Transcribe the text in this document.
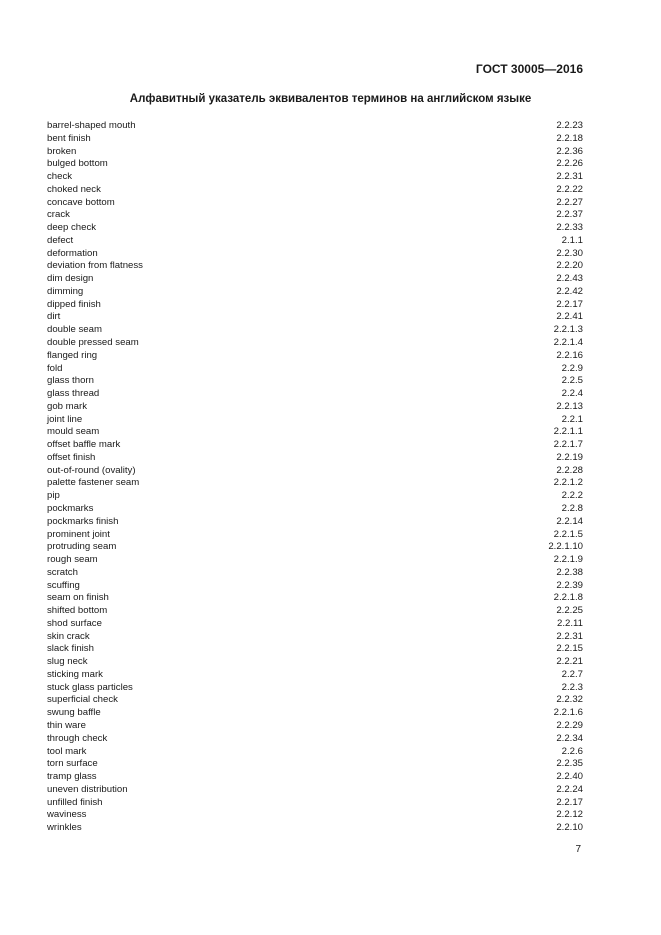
ГОСТ 30005—2016
Алфавитный указатель эквивалентов терминов на английском языке
barrel-shaped mouth	2.2.23
bent finish	2.2.18
broken	2.2.36
bulged bottom	2.2.26
check	2.2.31
choked neck	2.2.22
concave bottom	2.2.27
crack	2.2.37
deep check	2.2.33
defect	2.1.1
deformation	2.2.30
deviation from flatness	2.2.20
dim design	2.2.43
dimming	2.2.42
dipped finish	2.2.17
dirt	2.2.41
double seam	2.2.1.3
double pressed seam	2.2.1.4
flanged ring	2.2.16
fold	2.2.9
glass thorn	2.2.5
glass thread	2.2.4
gob mark	2.2.13
joint line	2.2.1
mould seam	2.2.1.1
offset baffle mark	2.2.1.7
offset finish	2.2.19
out-of-round (ovality)	2.2.28
palette fastener seam	2.2.1.2
pip	2.2.2
pockmarks	2.2.8
pockmarks finish	2.2.14
prominent joint	2.2.1.5
protruding seam	2.2.1.10
rough seam	2.2.1.9
scratch	2.2.38
scuffing	2.2.39
seam on finish	2.2.1.8
shifted bottom	2.2.25
shod surface	2.2.11
skin crack	2.2.31
slack finish	2.2.15
slug neck	2.2.21
sticking mark	2.2.7
stuck glass particles	2.2.3
superficial check	2.2.32
swung baffle	2.2.1.6
thin ware	2.2.29
through check	2.2.34
tool mark	2.2.6
torn surface	2.2.35
tramp glass	2.2.40
uneven distribution	2.2.24
unfilled finish	2.2.17
waviness	2.2.12
wrinkles	2.2.10
7
